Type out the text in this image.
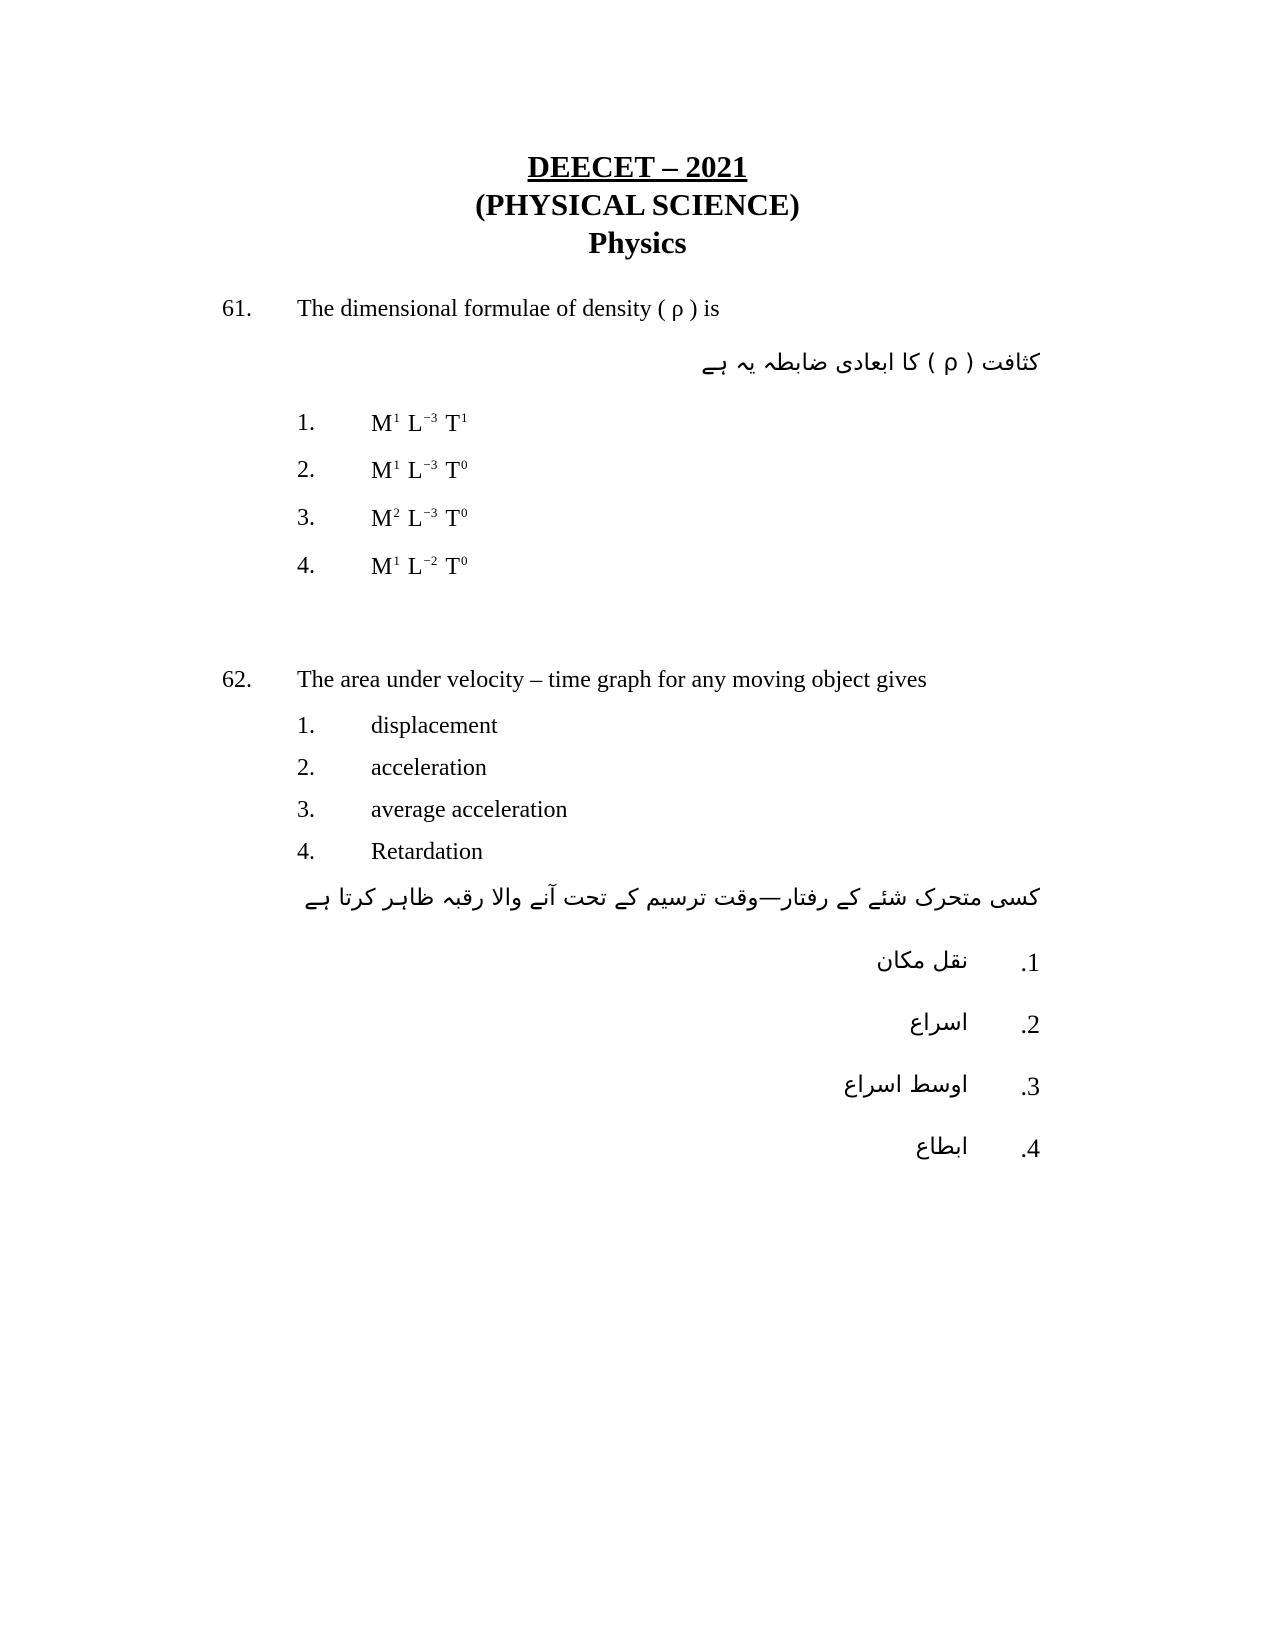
DEECET – 2021
(PHYSICAL SCIENCE)
Physics
61. The dimensional formulae of density ( ρ ) is
کثافت ( ρ ) کا ابعادی ضابطہ یہ ہے
1. $M^1$ $L^{-3}$ $T^1$
2. $M^1$ $L^{-3}$ $T^0$
3. $M^2$ $L^{-3}$ $T^0$
4. $M^1$ $L^{-2}$ $T^0$
62. The area under velocity – time graph for any moving object gives
1. displacement
2. acceleration
3. average acceleration
4. Retardation
کسی متحرک شئے کے رفتار—وقت ترسیم کے تحت آنے والا رقبہ ظاہر کرتا ہے
.1
نقل مکان
.2
اسراع
.3
اوسط اسراع
.4
ابطاع
